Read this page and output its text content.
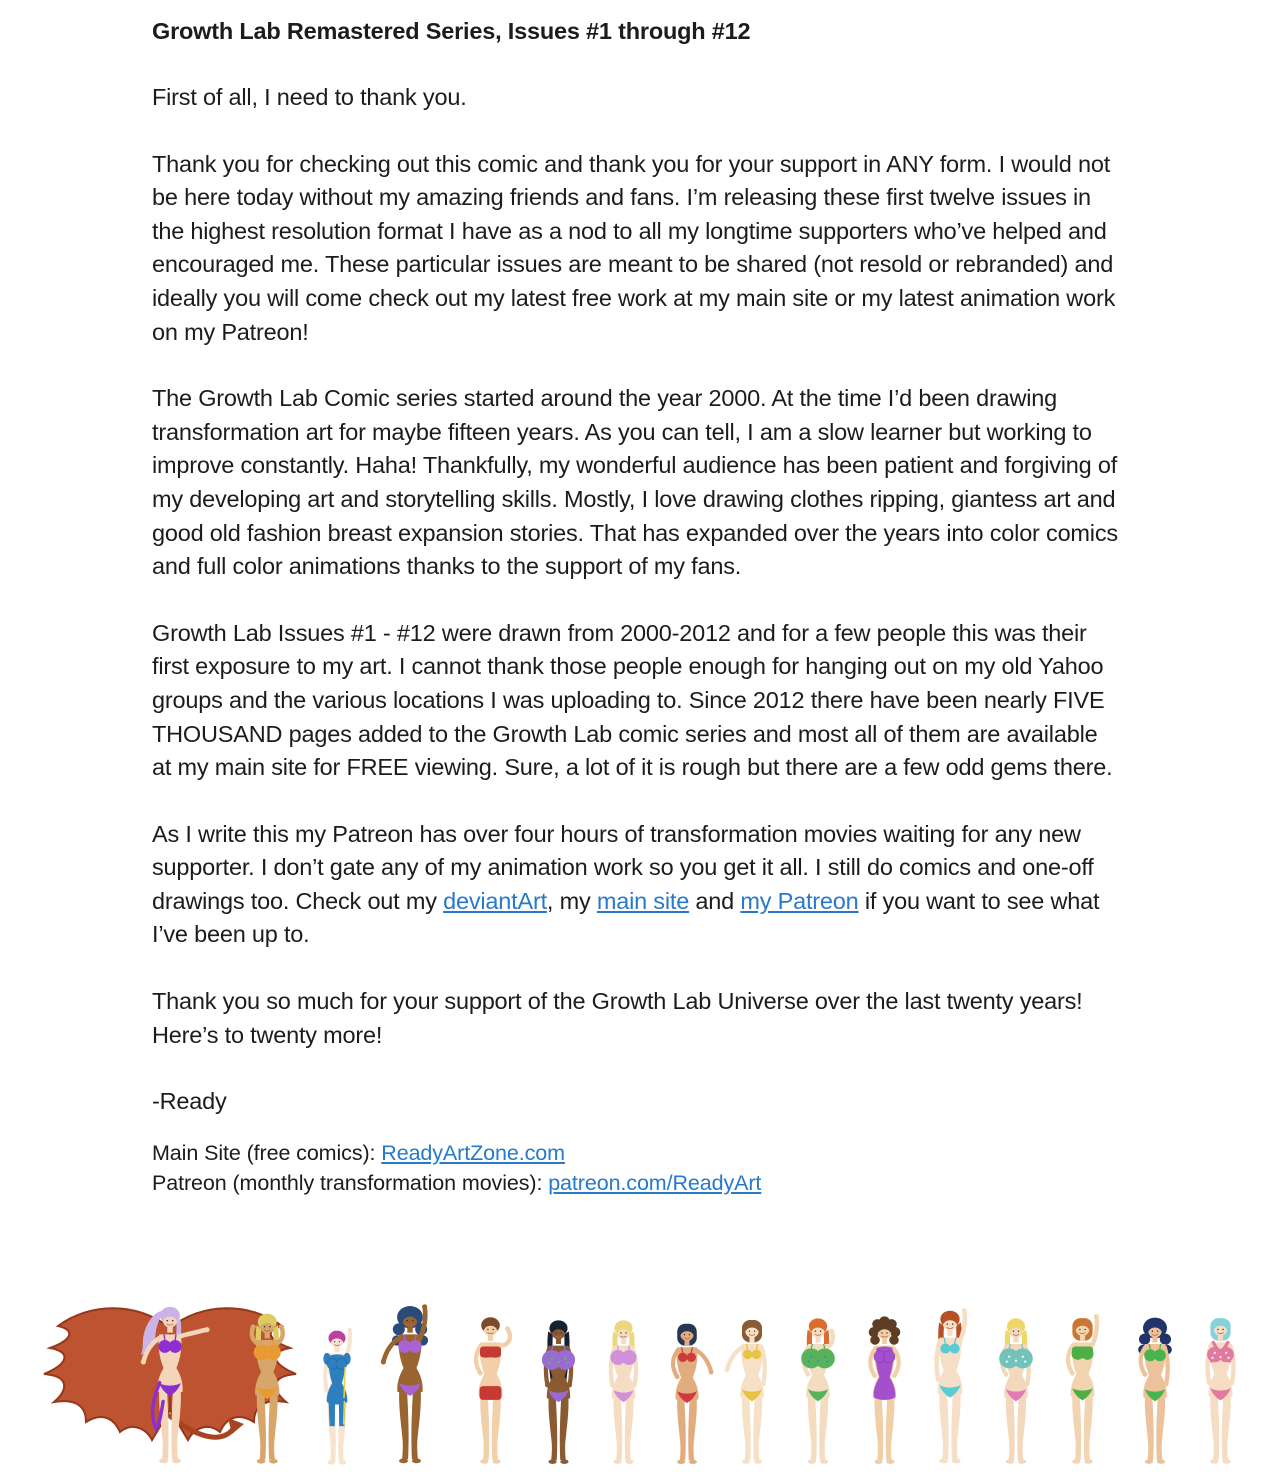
Growth Lab Remastered Series, Issues #1 through #12

First of all, I need to thank you.

Thank you for checking out this comic and thank you for your support in ANY form. I would not be here today without my amazing friends and fans. I’m releasing these first twelve issues in the highest resolution format I have as a nod to all my longtime supporters who’ve helped and encouraged me. These particular issues are meant to be shared (not resold or rebranded) and ideally you will come check out my latest free work at my main site or my latest animation work on my Patreon!

The Growth Lab Comic series started around the year 2000. At the time I’d been drawing transformation art for maybe fifteen years. As you can tell, I am a slow learner but working to improve constantly. Haha! Thankfully, my wonderful audience has been patient and forgiving of my developing art and storytelling skills. Mostly, I love drawing clothes ripping, giantess art and good old fashion breast expansion stories. That has expanded over the years into color comics and full color animations thanks to the support of my fans.

Growth Lab Issues #1 - #12 were drawn from 2000-2012 and for a few people this was their first exposure to my art. I cannot thank those people enough for hanging out on my old Yahoo groups and the various locations I was uploading to. Since 2012 there have been nearly FIVE THOUSAND pages added to the Growth Lab comic series and most all of them are available at my main site for FREE viewing. Sure, a lot of it is rough but there are a few odd gems there.

As I write this my Patreon has over four hours of transformation movies waiting for any new supporter. I don’t gate any of my animation work so you get it all. I still do comics and one-off drawings too. Check out my deviantArt, my main site and my Patreon if you want to see what I’ve been up to.

Thank you so much for your support of the Growth Lab Universe over the last twenty years! Here’s to twenty more!

-Ready

Main Site (free comics): ReadyArtZone.com

Patreon (monthly transformation movies): patreon.com/ReadyArt
